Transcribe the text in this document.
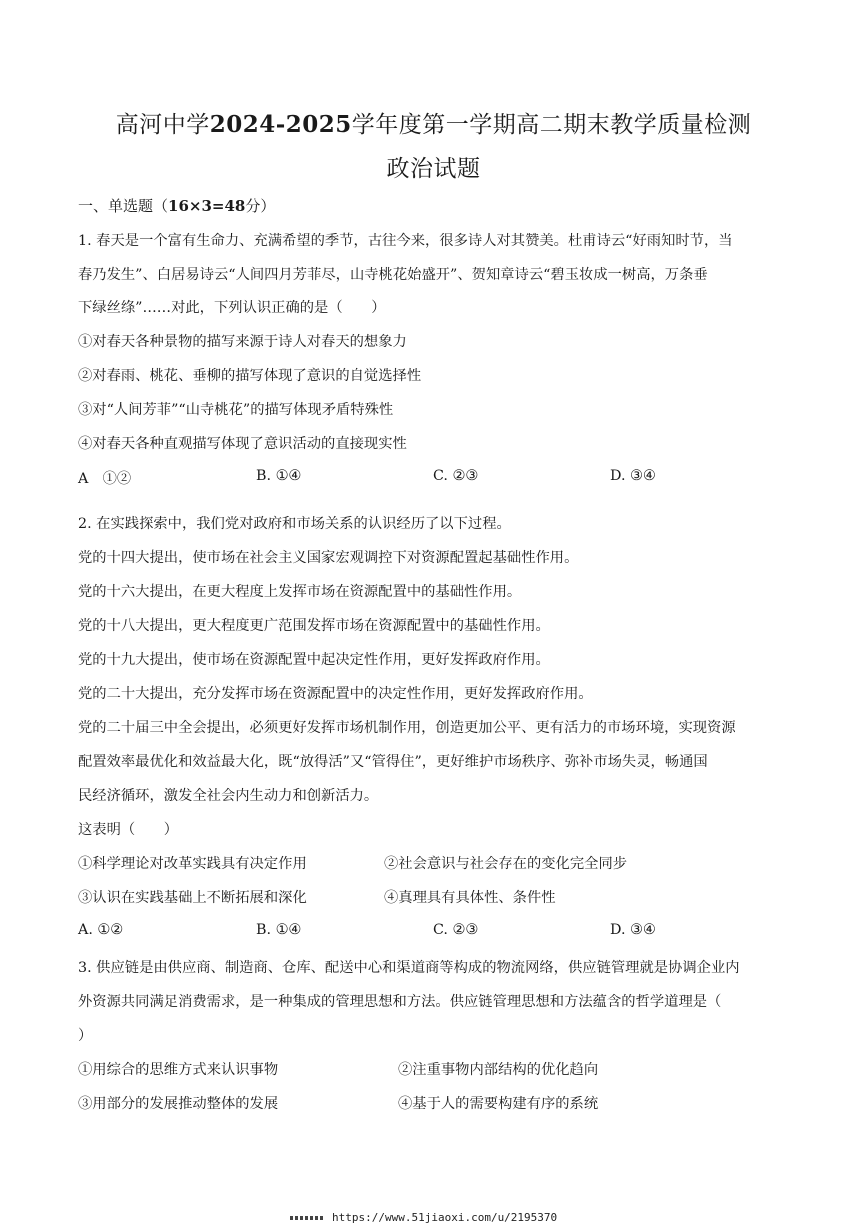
高河中学2024-2025学年度第一学期高二期末教学质量检测
政治试题
一、单选题（16×3=48分）
1. 春天是一个富有生命力、充满希望的季节，古往今来，很多诗人对其赞美。杜甫诗云“好雨知时节，当
春乃发生”、白居易诗云“人间四月芳菲尽，山寺桃花始盛开”、贺知章诗云“碧玉妆成一树高，万条垂
下绿丝绦”……对此，下列认识正确的是（　　）
①对春天各种景物的描写来源于诗人对春天的想象力
②对春雨、桃花、垂柳的描写体现了意识的自觉选择性
③对“人间芳菲”“山寺桃花”的描写体现矛盾特殊性
④对春天各种直观描写体现了意识活动的直接现实性
A　①②	B. ①④	C. ②③	D. ③④
2. 在实践探索中，我们党对政府和市场关系的认识经历了以下过程。
党的十四大提出，使市场在社会主义国家宏观调控下对资源配置起基础性作用。
党的十六大提出，在更大程度上发挥市场在资源配置中的基础性作用。
党的十八大提出，更大程度更广范围发挥市场在资源配置中的基础性作用。
党的十九大提出，使市场在资源配置中起决定性作用，更好发挥政府作用。
党的二十大提出，充分发挥市场在资源配置中的决定性作用，更好发挥政府作用。
党的二十届三中全会提出，必须更好发挥市场机制作用，创造更加公平、更有活力的市场环境，实现资源
配置效率最优化和效益最大化，既“放得活”又“管得住”，更好维护市场秩序、弥补市场失灵，畅通国
民经济循环，激发全社会内生动力和创新活力。
这表明（　　）
①科学理论对改革实践具有决定作用	②社会意识与社会存在的变化完全同步
③认识在实践基础上不断拓展和深化	④真理具有具体性、条件性
A. ①②	B. ①④	C. ②③	D. ③④
3. 供应链是由供应商、制造商、仓库、配送中心和渠道商等构成的物流网络，供应链管理就是协调企业内
外资源共同满足消费需求，是一种集成的管理思想和方法。供应链管理思想和方法蕴含的哲学道理是（
）
①用综合的思维方式来认识事物	②注重事物内部结构的优化趋向
③用部分的发展推动整体的发展	④基于人的需要构建有序的系统
https://www.51jiaoxi.com/u/2195370
